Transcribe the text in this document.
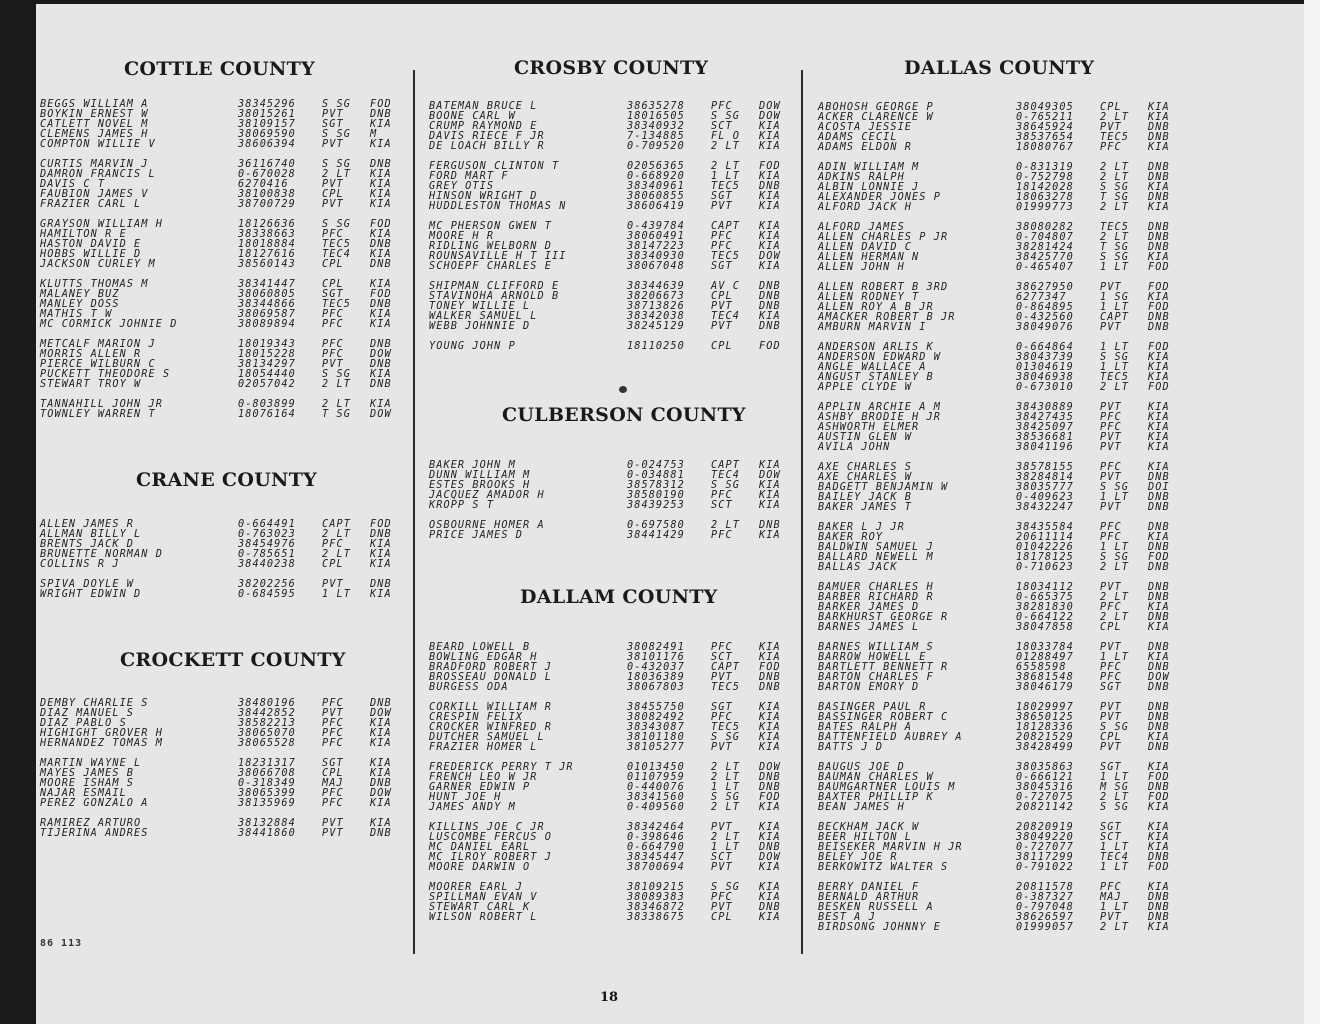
COTTLE COUNTY
BEGGS WILLIAM A	38345296	S SG FOD
BOYKIN ERNEST W	38015261	PVT	DNB
CATLETT NOVEL M	38109157	SGT	KIA
CLEMENS JAMES H	38069590	S SG M
COMPTON WILLIE V	38606394	PVT	KIA
CURTIS MARVIN J	36116740	S SG DNB
DAMRON FRANCIS L	0-670028	2 LT KIA
DAVIS C T	6270416	PVT	KIA
FAUBION JAMES V	38100838	CPL	KIA
FRAZIER CARL L	38700729	PVT	KIA
GRAYSON WILLIAM H	18126636	S SG FOD
HAMILTON R E	38338663	PFC	KIA
HASTON DAVID E	18018884	TEC5 DNB
HOBBS WILLIE D	18127616	TEC4 KIA
JACKSON CURLEY M	38560143	CPL	DNB
KLUTTS THOMAS M	38341447	CPL	KIA
MALANEY BUZ	38060805	SGT	FOD
MANLEY DOSS	38344866	TEC5 DNB
MATHIS T W	38069587	PFC	KIA
MC CORMICK JOHNIE D	38089894	PFC	KIA
METCALF MARION J	18019343	PFC	DNB
MORRIS ALLEN R	18015228	PFC	DOW
PIERCE WILBURN C	38134297	PVT	DNB
PUCKETT THEODORE S	18054440	S SG KIA
STEWART TROY W	02057042	2 LT DNB
TANNAHILL JOHN JR	0-803899	2 LT KIA
TOWNLEY WARREN T	18076164	T SG DOW
CRANE COUNTY
ALLEN JAMES R	0-664491	CAPT FOD
ALLMAN BILLY L	0-763023	2 LT DNB
BRENTS JACK D	38454976	PFC	KIA
BRUNETTE NORMAN D	0-785651	2 LT KIA
COLLINS R J	38440238	CPL	KIA
SPIVA DOYLE W	38202256	PVT	DNB
WRIGHT EDWIN D	0-684595	1 LT KIA
CROCKETT COUNTY
DEMBY CHARLIE S	38480196	PFC	DNB
DIAZ MANUEL S	38442852	PVT	DOW
DIAZ PABLO S	38582213	PFC	KIA
HIGHIGHT GROVER H	38065070	PFC	KIA
HERNANDEZ TOMAS M	38065528	PFC	KIA
MARTIN WAYNE L	18231317	SGT	KIA
MAYES JAMES B	38066708	CPL	KIA
MOORE ISHAM S	0-318349	MAJ	DNB
NAJAR ESMAIL	38065399	PFC	DOW
PEREZ GONZALO A	38135969	PFC	KIA
RAMIREZ ARTURO	38132884	PVT	KIA
TIJERINA ANDRES	38441860	PVT	DNB
CROSBY COUNTY
BATEMAN BRUCE L	38635278	PFC	DOW
BOONE CARL W	18016505	S SG DOW
CRUMP RAYMOND E	38340932	SCT	KIA
DAVIS RIECE F JR	7-134885	FL O KIA
DE LOACH BILLY R	0-709520	2 LT KIA
FERGUSON CLINTON T	02056365	2 LT FOD
FORD MART F	0-668920	1 LT KIA
GREY OTIS	38340961	TEC5 DNB
HINSON WRIGHT D	38060855	SGT	KIA
HUDDLESTON THOMAS N	38606419	PVT	KIA
MC PHERSON GWEN T	0-439784	CAPT KIA
MOORE H R	38060491	PFC	KIA
RIDLING WELBORN D	38147223	PFC	KIA
ROUNSAVILLE H T III	38340930	TEC5 DOW
SCHOEPF CHARLES E	38067048	SGT	KIA
SHIPMAN CLIFFORD E	38344639	AV C DNB
STAVINOHA ARNOLD B	38206673	CPL	DNB
TONEY WILLIE L	38713826	PVT	DNB
WALKER SAMUEL L	38342038	TEC4 KIA
WEBB JOHNNIE D	38245129	PVT	DNB
YOUNG JOHN P	18110250	CPL	FOD
CULBERSON COUNTY
BAKER JOHN M	0-024753	CAPT KIA
DUNN WILLIAM M	0-034881	TEC4 DOW
ESTES BROOKS H	38578312	S SG KIA
JACQUEZ AMADOR H	38580190	PFC	KIA
KROPP S T	38439253	SCT	KIA
OSBOURNE HOMER A	0-697580	2 LT DNB
PRICE JAMES D	38441429	PFC	KIA
DALLAM COUNTY
BEARD LOWELL B	38082491	PFC	KIA
BOWLING EDGAR H	38101176	SCT	KIA
BRADFORD ROBERT J	0-432037	CAPT FOD
BROSSEAU DONALD L	18036389	PVT	DNB
BURGESS ODA	38067803	TEC5 DNB
CORKILL WILLIAM R	38455750	SGT	KIA
CRESPIN FELIX	38082492	PFC	KIA
CROCKER WINFRED R	38343087	TEC5 KIA
DUTCHER SAMUEL L	38101180	S SG KIA
FRAZIER HOMER L	38105277	PVT	KIA
FREDERICK PERRY T JR	01013450	2 LT DOW
FRENCH LEO W JR	01107959	2 LT DNB
GARNER EDWIN P	0-440076	1 LT DNB
HUNT JOE H	38341560	S SG FOD
JAMES ANDY M	0-409560	2 LT KIA
KILLINS JOE C JR	38342464	PVT	KIA
LUSCOMBE FERCUS O	0-398646	2 LT KIA
MC DANIEL EARL	0-664790	1 LT DNB
MC ILROY ROBERT J	38345447	SCT	DOW
MOORE DARWIN O	38700694	PVT	KIA
MOORER EARL J	38109215	S SG KIA
SPILLMAN EVAN V	38089383	PFC	KIA
STEWART CARL K	38346872	PVT	DNB
WILSON ROBERT L	38338675	CPL	KIA
DALLAS COUNTY
ABOHOSH GEORGE P	38049305	CPL	KIA
ACKER CLARENCE W	0-765211	2 LT KIA
ACOSTA JESSIE	38645924	PVT	DNB
ADAMS CECIL	38537654	TEC5 DNB
ADAMS ELDON R	18080767	PFC	KIA
ADIN WILLIAM M	0-831319	2 LT DNB
ADKINS RALPH	0-752798	2 LT DNB
ALBIN LONNIE J	18142028	S SG KIA
ALEXANDER JONES P	18063278	T SG DNB
ALFORD JACK H	01999773	2 LT KIA
ALFORD JAMES	38080282	TEC5 DNB
ALLEN CHARLES P JR	0-704807	2 LT DNB
ALLEN DAVID C	38281424	T SG DNB
ALLEN HERMAN N	38425770	S SG KIA
ALLEN JOHN H	0-465407	1 LT FOD
ALLEN ROBERT B 3RD	38627950	PVT	FOD
ALLEN RODNEY T	6277347	1 SG KIA
ALLEN ROY A B JR	0-864895	1 LT FOD
AMACKER ROBERT B JR	0-432560	CAPT DNB
AMBURN MARVIN I	38049076	PVT	DNB
ANDERSON ARLIS K	0-664864	1 LT FOD
ANDERSON EDWARD W	38043739	S SG KIA
ANGLE WALLACE A	01304619	1 LT KIA
ANGUST STANLEY B	38046938	TEC5 KIA
APPLE CLYDE W	0-673010	2 LT FOD
APPLIN ARCHIE A M	38430889	PVT	KIA
ASHBY BRODIE H JR	38427435	PFC	KIA
ASHWORTH ELMER	38425097	PFC	KIA
AUSTIN GLEN W	38536681	PVT	KIA
AVILA JOHN	38041196	PVT	KIA
AXE CHARLES S	38578155	PFC	KIA
AXE CHARLES W	38284814	PVT	DNB
BADGETT BENJAMIN W	38035777	S SG DOI
BAILEY JACK B	0-409623	1 LT DNB
BAKER JAMES T	38432247	PVT	DNB
BAKER L J JR	38435584	PFC	DNB
BAKER ROY	20611114	PFC	KIA
BALDWIN SAMUEL J	01042226	1 LT DNB
BALLARD NEWELL M	18178125	S SG FOD
BALLAS JACK	0-710623	2 LT DNB
BAMUER CHARLES H	18034112	PVT	DNB
BARBER RICHARD R	0-665375	2 LT DNB
BARKER JAMES D	38281830	PFC	KIA
BARKHURST GEORGE R	0-664122	2 LT DNB
BARNES JAMES L	38047858	CPL	KIA
BARNES WILLIAM S	18033784	PVT	DNB
BARROW HOWELL E	01288497	1 LT KIA
BARTLETT BENNETT R	6558598	PFC	DNB
BARTON CHARLES F	38681548	PFC	DOW
BARTON EMORY D	38046179	SGT	DNB
BASINGER PAUL R	18029997	PVT	DNB
BASSINGER ROBERT C	38650125	PVT	DNB
BATES RALPH A	18128336	S SG DNB
BATTENFIELD AUBREY A	20821529	CPL	KIA
BATTS J D	38428499	PVT	DNB
BAUGUS JOE D	38035863	SGT	KIA
BAUMAN CHARLES W	0-666121	1 LT FOD
BAUMGARTNER LOUIS M	38045316	M SG DNB
BAXTER PHILLIP K	0-727075	2 LT FOD
BEAN JAMES H	20821142	S SG KIA
BECKHAM JACK W	20820919	SGT	KIA
BEER HILTON L	38049220	SCT	KIA
BEISEKER MARVIN H JR	0-727077	1 LT KIA
BELEY JOE R	38117299	TEC4 DNB
BERKOWITZ WALTER S	0-791022	1 LT FOD
BERRY DANIEL F	20811578	PFC	KIA
BERNALD ARTHUR	0-387327	MAJ	DNB
BESKEN RUSSELL A	0-797048	1 LT DNB
BEST A J	38626597	PVT	DNB
BIRDSONG JOHNNY E	01999057	2 LT KIA
86 113
18
